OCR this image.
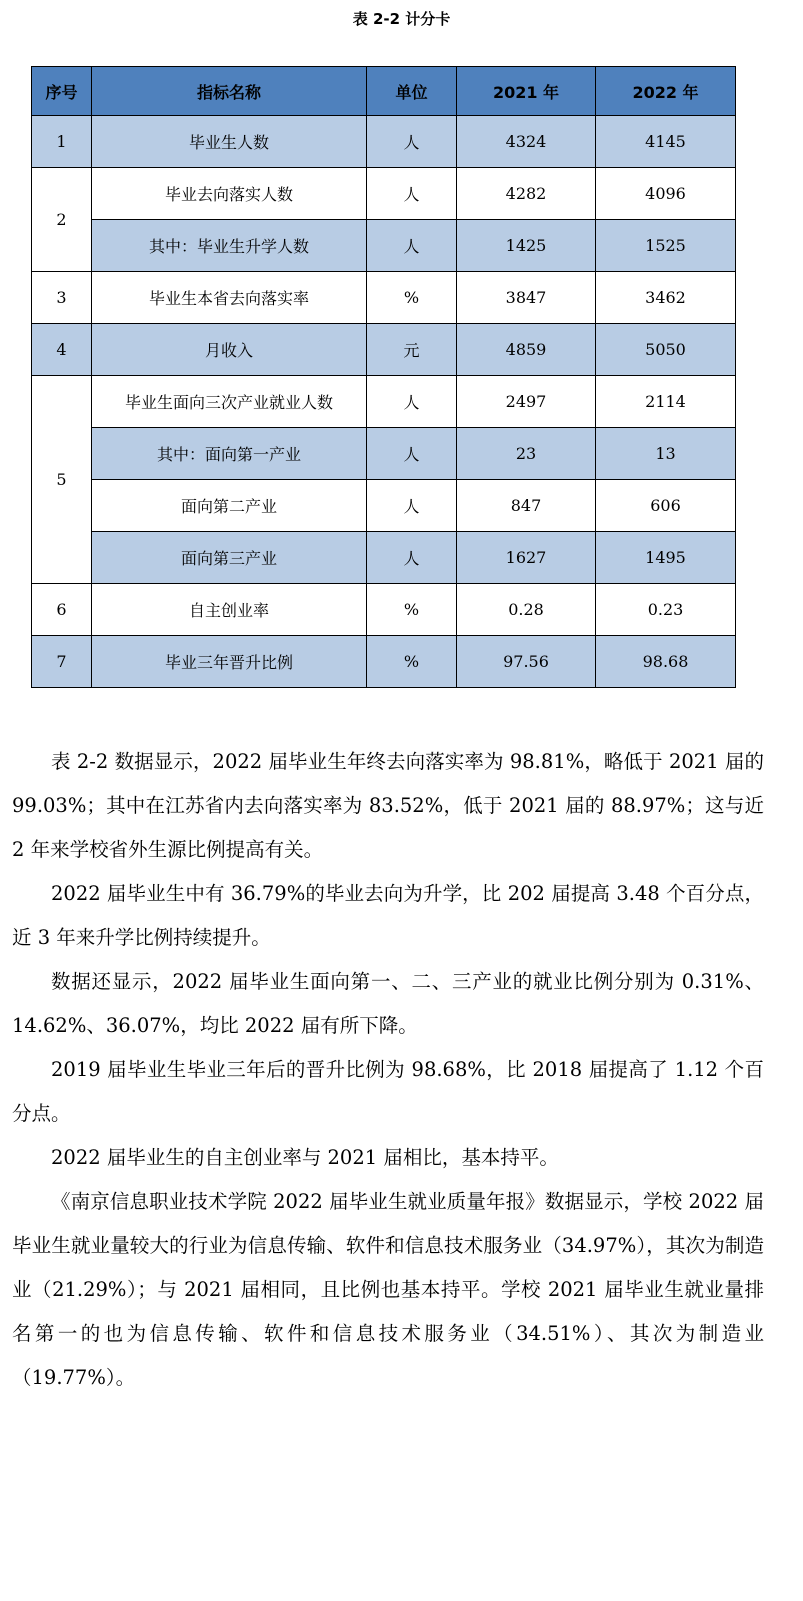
表 2-2 计分卡
序号	指标名称	单位	2021 年	2022 年
1	毕业生人数	人	4324	4145
2	毕业去向落实人数	人	4282	4096
	其中：毕业生升学人数	人	1425	1525
3	毕业生本省去向落实率	%	3847	3462
4	月收入	元	4859	5050
5	毕业生面向三次产业就业人数	人	2497	2114
	其中：面向第一产业	人	23	13
	面向第二产业	人	847	606
	面向第三产业	人	1627	1495
6	自主创业率	%	0.28	0.23
7	毕业三年晋升比例	%	97.56	98.68

表 2-2 数据显示，2022 届毕业生年终去向落实率为 98.81%，略低于 2021 届的 99.03%；其中在江苏省内去向落实率为 83.52%，低于 2021 届的 88.97%；这与近 2 年来学校省外生源比例提高有关。

2022 届毕业生中有 36.79%的毕业去向为升学，比 202 届提高 3.48 个百分点，近 3 年来升学比例持续提升。

数据还显示，2022 届毕业生面向第一、二、三产业的就业比例分别为 0.31%、14.62%、36.07%，均比 2022 届有所下降。

2019 届毕业生毕业三年后的晋升比例为 98.68%，比 2018 届提高了 1.12 个百分点。

2022 届毕业生的自主创业率与 2021 届相比，基本持平。

《南京信息职业技术学院 2022 届毕业生就业质量年报》数据显示，学校 2022 届毕业生就业量较大的行业为信息传输、软件和信息技术服务业（34.97%），其次为制造业（21.29%）；与 2021 届相同，且比例也基本持平。学校 2021 届毕业生就业量排名第一的也为信息传输、软件和信息技术服务业（34.51%）、其次为制造业（19.77%）。
